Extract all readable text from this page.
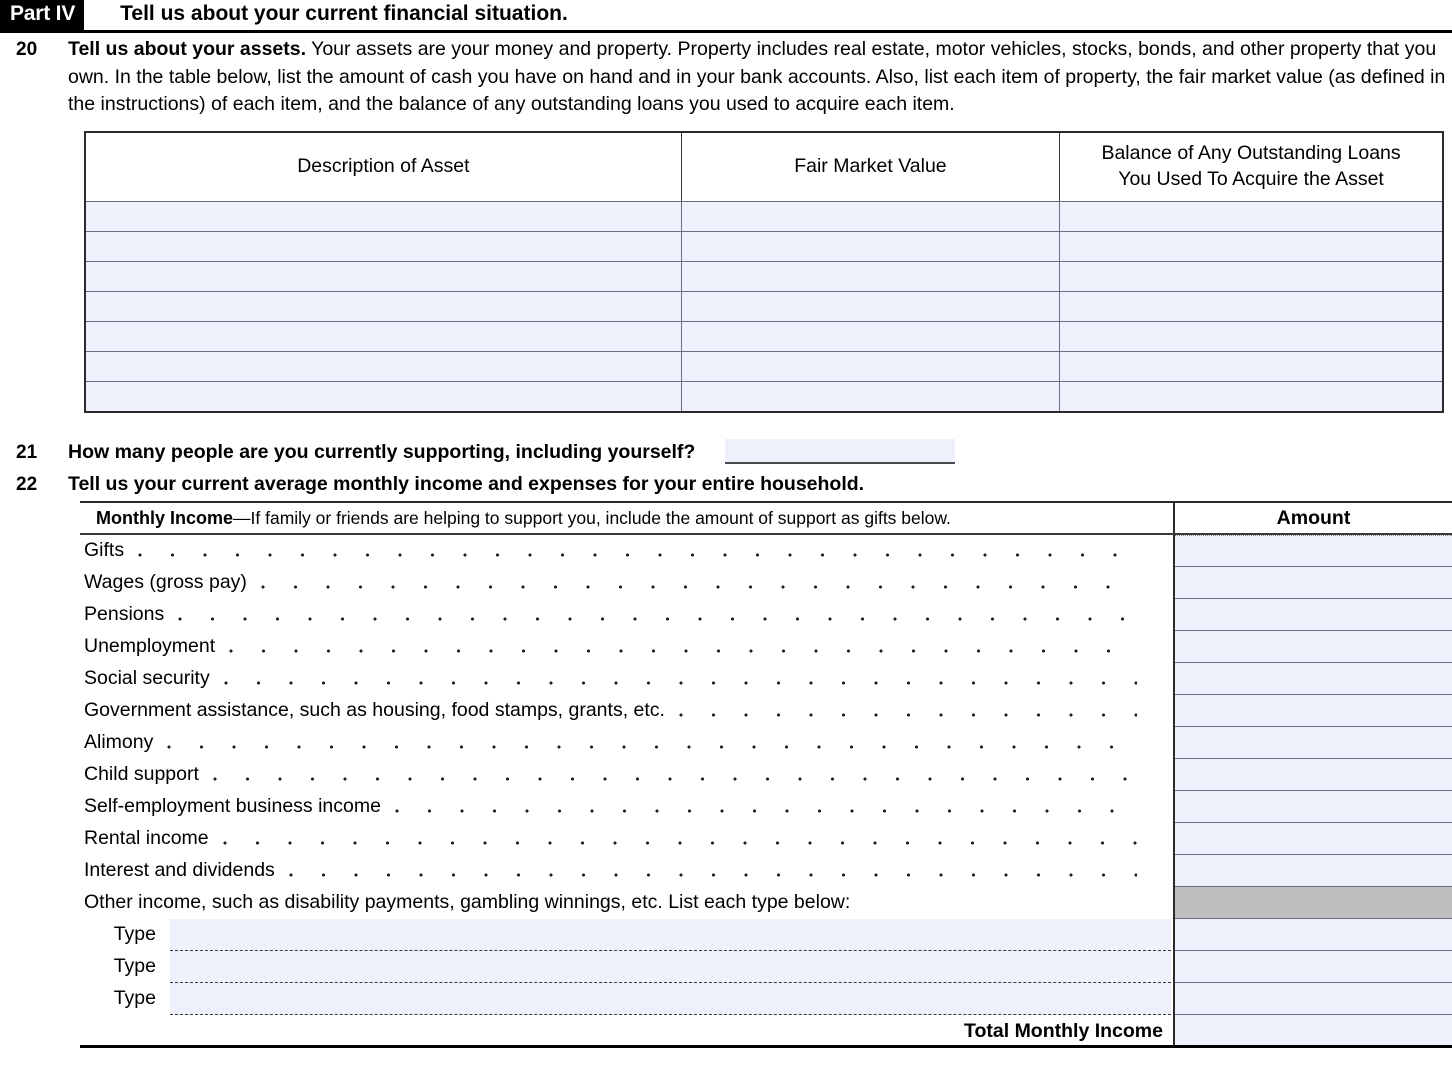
Part IV	Tell us about your current financial situation.
20	Tell us about your assets. Your assets are your money and property. Property includes real estate, motor vehicles, stocks, bonds, and other property that you own. In the table below, list the amount of cash you have on hand and in your bank accounts. Also, list each item of property, the fair market value (as defined in the instructions) of each item, and the balance of any outstanding loans you used to acquire each item.
Description of Asset	Fair Market Value	Balance of Any Outstanding Loans
You Used To Acquire the Asset

21	How many people are you currently supporting, including yourself?
22	Tell us your current average monthly income and expenses for your entire household.
Monthly Income—If family or friends are helping to support you, include the amount of support as gifts below.	Amount
Gifts
Wages (gross pay)
Pensions
Unemployment
Social security
Government assistance, such as housing, food stamps, grants, etc.
Alimony
Child support
Self-employment business income
Rental income
Interest and dividends
Other income, such as disability payments, gambling winnings, etc. List each type below:
Type
Type
Type
Total Monthly Income
